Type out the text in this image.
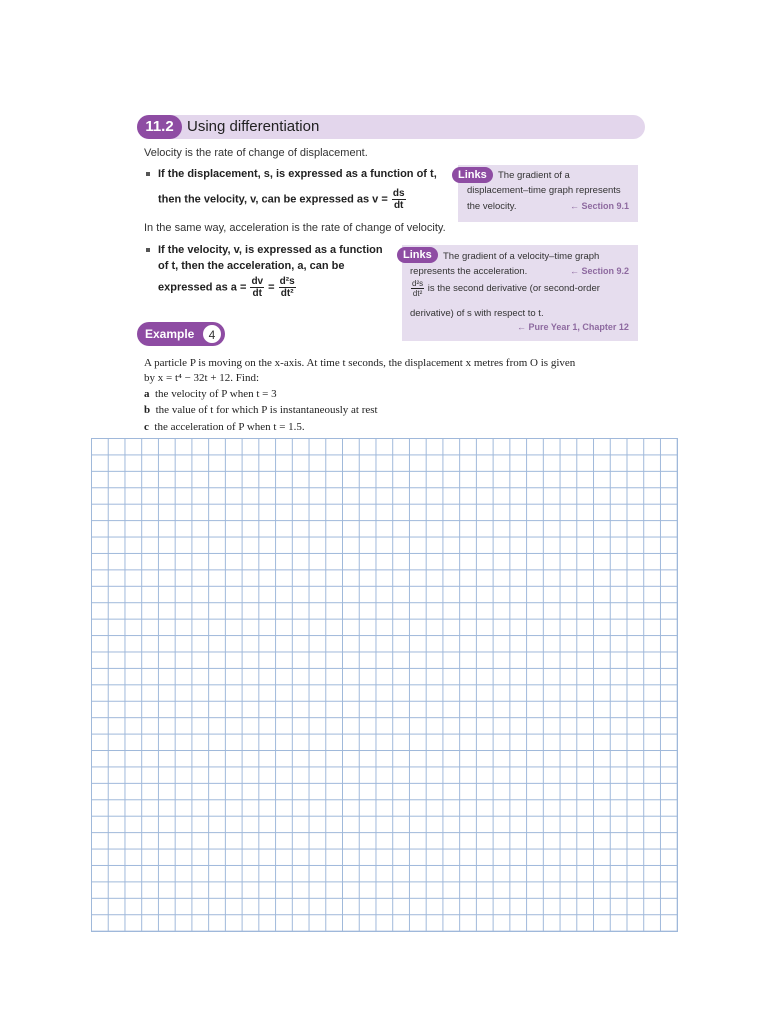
11.2 Using differentiation
Velocity is the rate of change of displacement.
If the displacement, s, is expressed as a function of t,
then the velocity, v, can be expressed as $v = \frac{ds}{dt}$
Links	The gradient of a
displacement–time graph represents
the velocity.	← Section 9.1
In the same way, acceleration is the rate of change of velocity.
If the velocity, v, is expressed as a function
of t, then the acceleration, a, can be
expressed as $a = \frac{dv}{dt} = \frac{\text{d²s}}{\text{dt²}}$
Links	The gradient of a velocity–time graph
represents the acceleration.	← Section 9.2
$\frac{\text{d²s}}{\text{dt²}}$ is the second derivative (or second-order
derivative) of s with respect to t.
← Pure Year 1, Chapter 12
Example	4
A particle P is moving on the x-axis. At time t seconds, the displacement x metres from O is given
by x = t⁴ − 32t + 12. Find:
a the velocity of P when t = 3
b the value of t for which P is instantaneously at rest
c the acceleration of P when t = 1.5.
